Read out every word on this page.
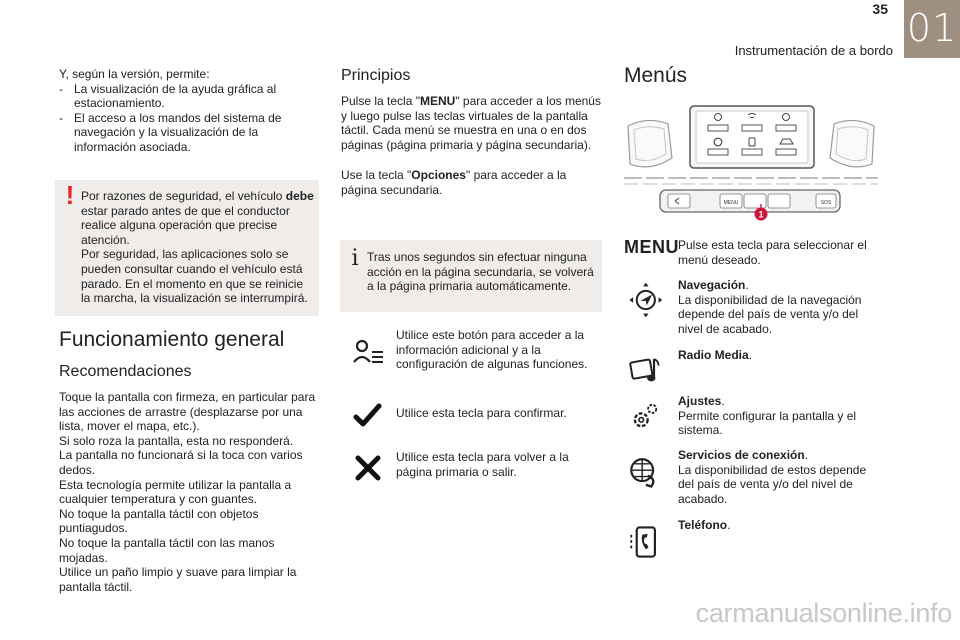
35
Instrumentación de a bordo
01
Y, según la versión, permite:
- La visualización de la ayuda gráfica al estacionamiento.
- El acceso a los mandos del sistema de navegación y la visualización de la información asociada.
! Por razones de seguridad, el vehículo debe estar parado antes de que el conductor realice alguna operación que precise atención.
Por seguridad, las aplicaciones solo se pueden consultar cuando el vehículo está parado. En el momento en que se reinicie la marcha, la visualización se interrumpirá.
Funcionamiento general
Recomendaciones
Toque la pantalla con firmeza, en particular para las acciones de arrastre (desplazarse por una lista, mover el mapa, etc.).
Si solo roza la pantalla, esta no responderá.
La pantalla no funcionará si la toca con varios dedos.
Esta tecnología permite utilizar la pantalla a cualquier temperatura y con guantes.
No toque la pantalla táctil con objetos puntiagudos.
No toque la pantalla táctil con las manos mojadas.
Utilice un paño limpio y suave para limpiar la pantalla táctil.
Principios
Pulse la tecla "MENU" para acceder a los menús y luego pulse las teclas virtuales de la pantalla táctil. Cada menú se muestra en una o en dos páginas (página primaria y página secundaria).
Use la tecla "Opciones" para acceder a la página secundaria.
i Tras unos segundos sin efectuar ninguna acción en la página secundaria, se volverá a la página primaria automáticamente.
Utilice este botón para acceder a la información adicional y a la configuración de algunas funciones.
Utilice esta tecla para confirmar.
Utilice esta tecla para volver a la página primaria o salir.
Menús
MENU	SOS
1
MENU Pulse esta tecla para seleccionar el menú deseado.
Navegación.
La disponibilidad de la navegación depende del país de venta y/o del nivel de acabado.
Radio Media.
Ajustes.
Permite configurar la pantalla y el sistema.
Servicios de conexión.
La disponibilidad de estos depende del país de venta y/o del nivel de acabado.
Teléfono.
carmanualsonline.info
